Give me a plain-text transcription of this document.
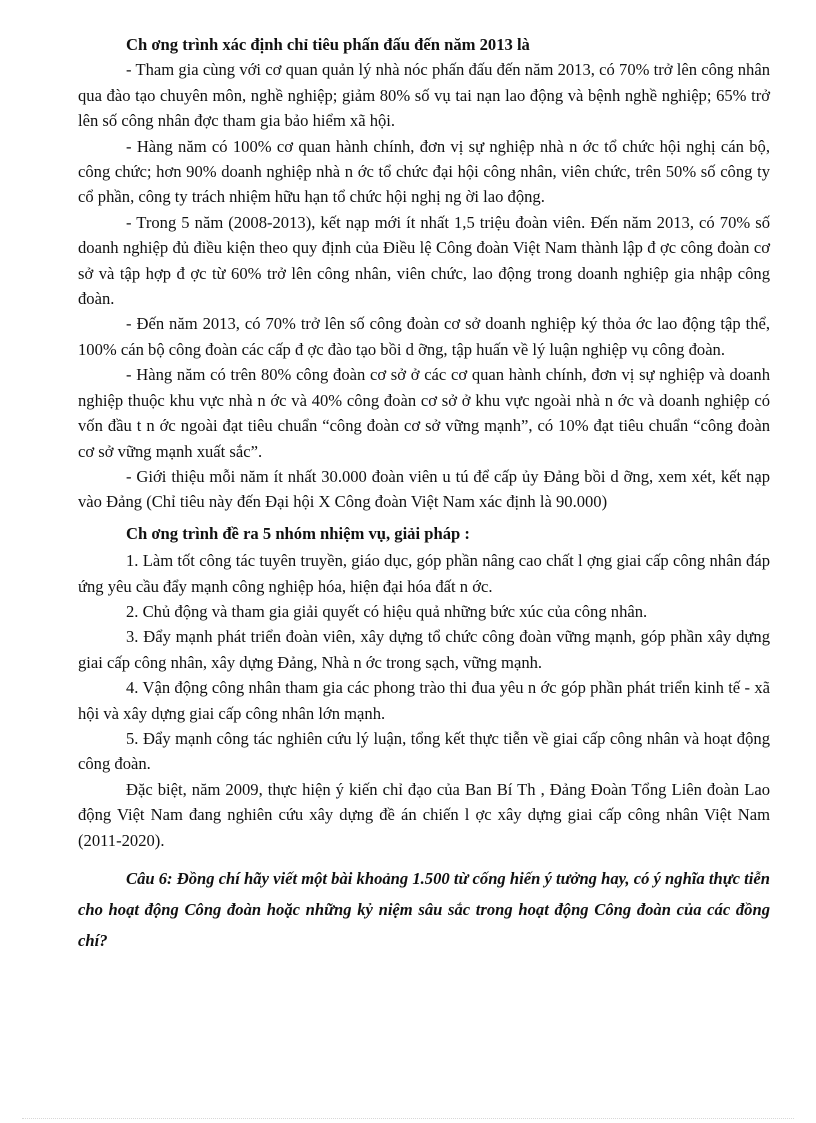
Ch ơng trình xác định chỉ tiêu phấn đấu đến năm 2013 là

- Tham gia cùng với cơ quan quản lý nhà nóc phấn đấu đến năm 2013, có 70% trở lên công nhân qua đào tạo chuyên môn, nghề nghiệp; giảm 80% số vụ tai nạn lao động và bệnh nghề nghiệp; 65% trở lên số công nhân đợc tham gia bảo hiểm xã hội.

- Hàng năm có 100% cơ quan hành chính, đơn vị sự nghiệp nhà n ớc tổ chức hội nghị cán bộ, công chức; hơn 90% doanh nghiệp nhà n ớc tổ chức đại hội công nhân, viên chức, trên 50% số công ty cổ phần, công ty trách nhiệm hữu hạn tổ chức hội nghị ng ời lao động.

- Trong 5 năm (2008-2013), kết nạp mới ít nhất 1,5 triệu đoàn viên. Đến năm 2013, có 70% số doanh nghiệp đủ điều kiện theo quy định của Điều lệ Công đoàn Việt Nam thành lập đ ợc công đoàn cơ sở và tập hợp đ ợc từ 60% trở lên công nhân, viên chức, lao động trong doanh nghiệp gia nhập công đoàn.

- Đến năm 2013, có 70% trở lên số công đoàn cơ sở doanh nghiệp ký thỏa ớc lao động tập thể, 100% cán bộ công đoàn các cấp đ ợc đào tạo bồi d ỡng, tập huấn về lý luận nghiệp vụ công đoàn.

- Hàng năm có trên 80% công đoàn cơ sở ở các cơ quan hành chính, đơn vị sự nghiệp và doanh nghiệp thuộc khu vực nhà n ớc và 40% công đoàn cơ sở ở khu vực ngoài nhà n ớc và doanh nghiệp có vốn đầu t n ớc ngoài đạt tiêu chuẩn “công đoàn cơ sở vững mạnh”, có 10% đạt tiêu chuẩn “công đoàn cơ sở vững mạnh xuất sắc”.

- Giới thiệu mỗi năm ít nhất 30.000 đoàn viên u tú để cấp ủy Đảng bồi d ỡng, xem xét, kết nạp vào Đảng (Chỉ tiêu này đến Đại hội X Công đoàn Việt Nam xác định là 90.000)

Ch ơng trình đề ra 5 nhóm nhiệm vụ, giải pháp :

1. Làm tốt công tác tuyên truyền, giáo dục, góp phần nâng cao chất l ợng giai cấp công nhân đáp ứng yêu cầu đẩy mạnh công nghiệp hóa, hiện đại hóa đất n ớc.

2. Chủ động và tham gia giải quyết có hiệu quả những bức xúc của công nhân.

3. Đẩy mạnh phát triển đoàn viên, xây dựng tổ chức công đoàn vững mạnh, góp phần xây dựng giai cấp công nhân, xây dựng Đảng, Nhà n ớc trong sạch, vững mạnh.

4. Vận động công nhân tham gia các phong trào thi đua yêu n ớc góp phần phát triển kinh tế - xã hội và xây dựng giai cấp công nhân lớn mạnh.

5. Đẩy mạnh công tác nghiên cứu lý luận, tổng kết thực tiễn về giai cấp công nhân và hoạt động công đoàn.

Đặc biệt, năm 2009, thực hiện ý kiến chỉ đạo của Ban Bí Th , Đảng Đoàn Tổng Liên đoàn Lao động Việt Nam đang nghiên cứu xây dựng đề án chiến l ợc xây dựng giai cấp công nhân Việt Nam (2011-2020).

Câu 6: Đồng chí hãy viết một bài khoảng 1.500 từ cống hiến ý tưởng hay, có ý nghĩa thực tiễn cho hoạt động Công đoàn hoặc những kỷ niệm sâu sắc trong hoạt động Công đoàn của các đồng chí?
